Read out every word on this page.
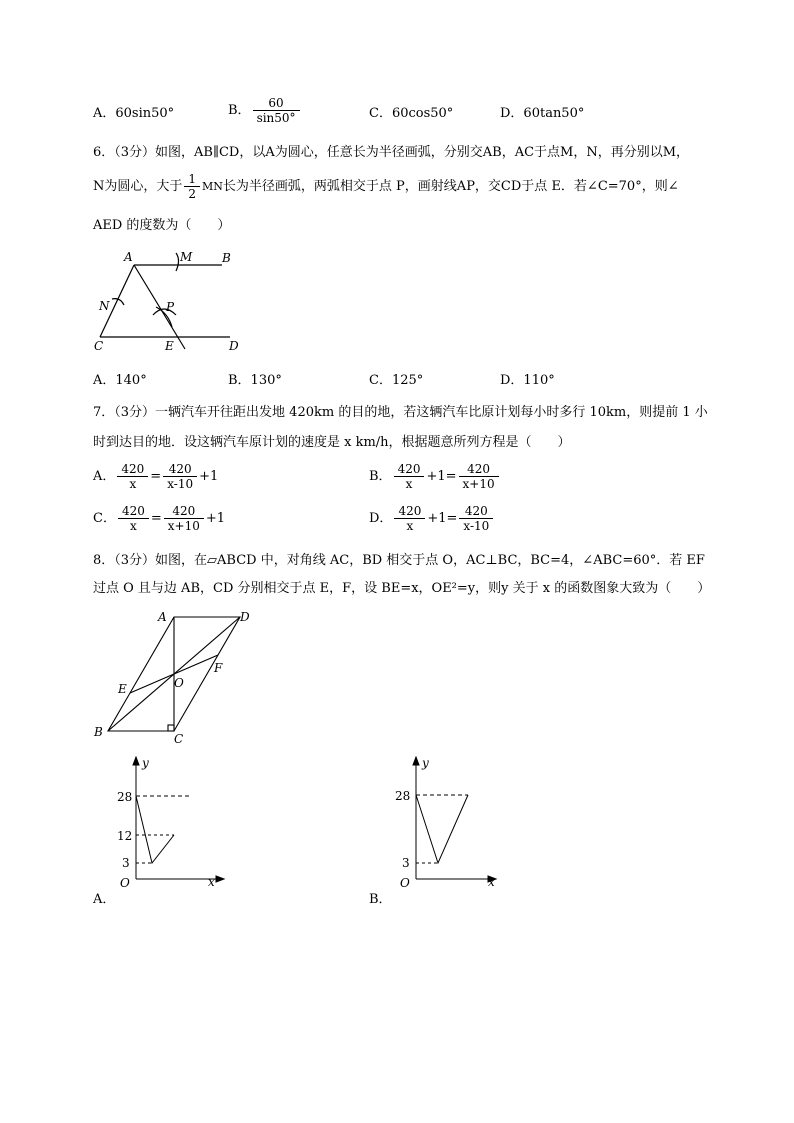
A．60sin50°	B． $\frac{60}{\sin 50^\circ}$	C．60cos50°	D．60tan50°
6．（3分）如图，AB∥CD，以A为圆心，任意长为半径画弧，分别交AB，AC于点M，N，再分别以M，
N为圆心，大于 $\frac{1}{2}$ MN长为半径画弧，两弧相交于点 P，画射线AP，交CD于点 E．若∠C=70°，则∠
AED 的度数为（　　）
A	M B
N	P
C	E	D
A．140°	B．130°	C．125°	D．110°
7．（3分）一辆汽车开往距出发地 420km 的目的地，若这辆汽车比原计划每小时多行 10km，则提前 1 小
时到达目的地．设这辆汽车原计划的速度是 x km/h，根据题意所列方程是（　　）
A． $\frac{420}{x} = \frac{420}{x-10} +1$	B． $\frac{420}{x} +1= \frac{420}{x+10}$
C． $\frac{420}{x} = \frac{420}{x+10} +1$	D． $\frac{420}{x} +1= \frac{420}{x-10}$
8．（3分）如图，在▱ABCD 中，对角线 AC，BD 相交于点 O，AC⊥BC，BC=4，∠ABC=60°．若 EF
过点 O 且与边 AB，CD 分别相交于点 E，F，设 BE=x，OE²=y，则y 关于 x 的函数图象大致为（　　）
A	D
E	O
F
B	C
y
x
O
28
12
3
A．
y
x
O
28
3
B．
